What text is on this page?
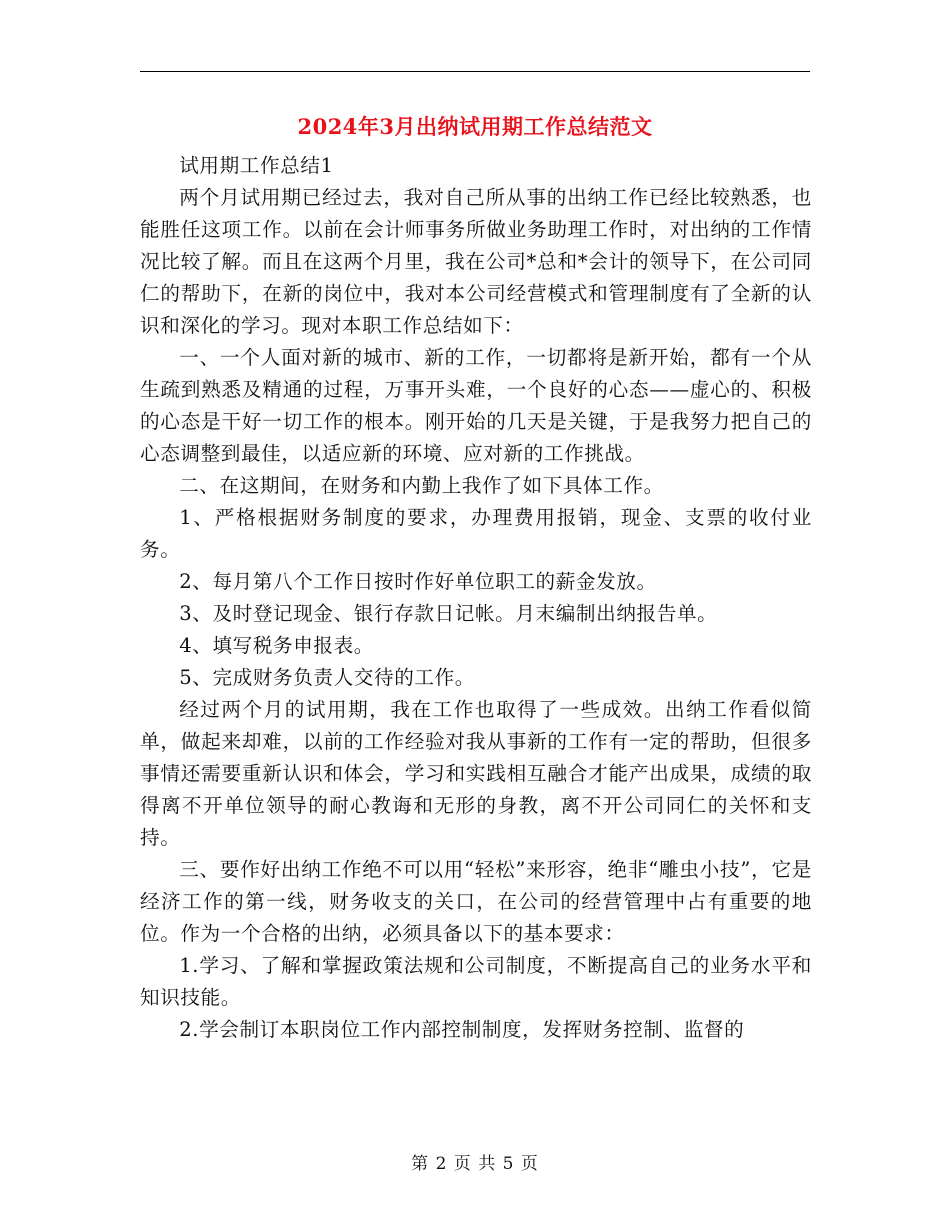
2024年3月出纳试用期工作总结范文

试用期工作总结1

两个月试用期已经过去，我对自己所从事的出纳工作已经比较熟悉，也能胜任这项工作。以前在会计师事务所做业务助理工作时，对出纳的工作情况比较了解。而且在这两个月里，我在公司*总和*会计的领导下，在公司同仁的帮助下，在新的岗位中，我对本公司经营模式和管理制度有了全新的认识和深化的学习。现对本职工作总结如下：

一、一个人面对新的城市、新的工作，一切都将是新开始，都有一个从生疏到熟悉及精通的过程，万事开头难，一个良好的心态——虚心的、积极的心态是干好一切工作的根本。刚开始的几天是关键，于是我努力把自己的心态调整到最佳，以适应新的环境、应对新的工作挑战。

二、在这期间，在财务和内勤上我作了如下具体工作。

1、严格根据财务制度的要求，办理费用报销，现金、支票的收付业务。

2、每月第八个工作日按时作好单位职工的薪金发放。

3、及时登记现金、银行存款日记帐。月末编制出纳报告单。

4、填写税务申报表。

5、完成财务负责人交待的工作。

经过两个月的试用期，我在工作也取得了一些成效。出纳工作看似简单，做起来却难，以前的工作经验对我从事新的工作有一定的帮助，但很多事情还需要重新认识和体会，学习和实践相互融合才能产出成果，成绩的取得离不开单位领导的耐心教诲和无形的身教，离不开公司同仁的关怀和支持。

三、要作好出纳工作绝不可以用“轻松”来形容，绝非“雕虫小技”，它是经济工作的第一线，财务收支的关口，在公司的经营管理中占有重要的地位。作为一个合格的出纳，必须具备以下的基本要求：

1.学习、了解和掌握政策法规和公司制度，不断提高自己的业务水平和知识技能。

2.学会制订本职岗位工作内部控制制度，发挥财务控制、监督的

第 2 页 共 5 页
